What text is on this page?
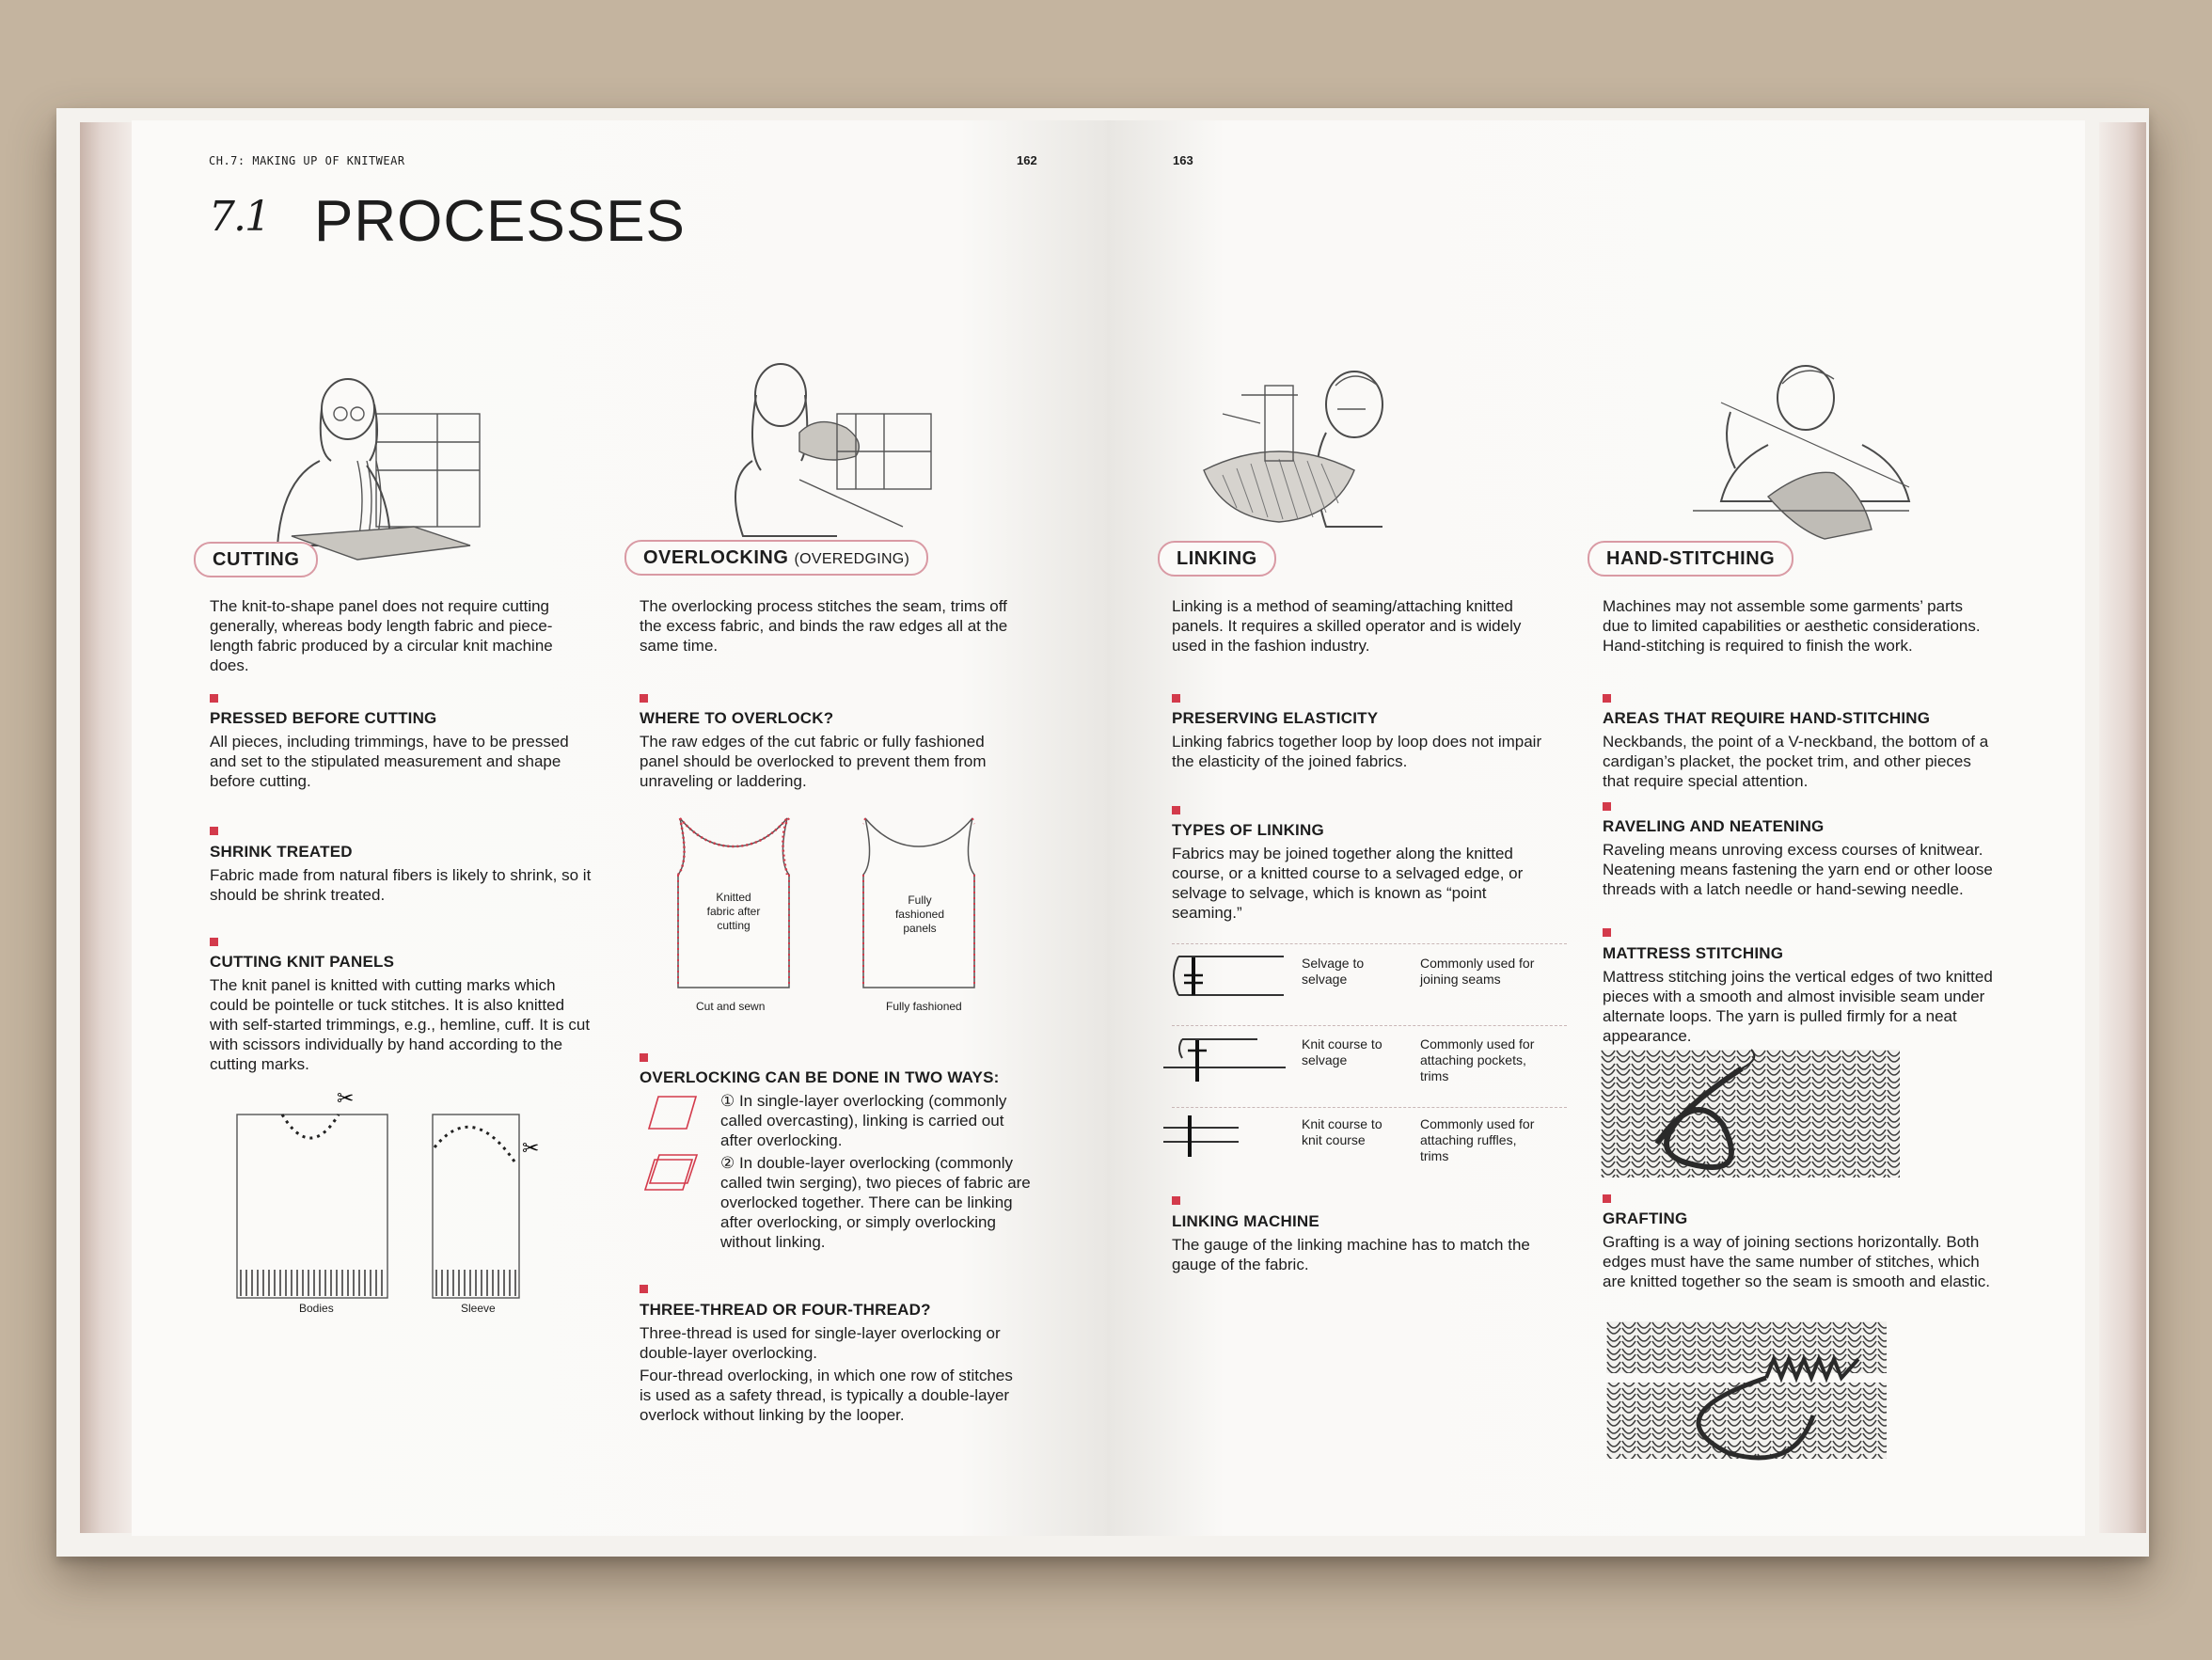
CH.7: MAKING UP OF KNITWEAR	162	163
7.1 PROCESSES
CUTTING

The knit-to-shape panel does not require cutting generally, whereas body length fabric and piece-length fabric produced by a circular knit machine does.

PRESSED BEFORE CUTTING

All pieces, including trimmings, have to be pressed and set to the stipulated measurement and shape before cutting.

SHRINK TREATED

Fabric made from natural fibers is likely to shrink, so it should be shrink treated.

CUTTING KNIT PANELS

The knit panel is knitted with cutting marks which could be pointelle or tuck stitches. It is also knitted with self-started trimmings, e.g., hemline, cuff. It is cut with scissors individually by hand according to the cutting marks.

✂
✂
Bodies	Sleeve
OVERLOCKING (OVEREDGING)

The overlocking process stitches the seam, trims off the excess fabric, and binds the raw edges all at the same time.

WHERE TO OVERLOCK?

The raw edges of the cut fabric or fully fashioned panel should be overlocked to prevent them from unraveling or laddering.

Knitted fabric after cutting
Cut and sewn
Fully fashioned panels
Fully fashioned
OVERLOCKING CAN BE DONE IN TWO WAYS:

① In single-layer overlocking (commonly called overcasting), linking is carried out after overlocking.

② In double-layer overlocking (commonly called twin serging), two pieces of fabric are overlocked together. There can be linking after overlocking, or simply overlocking without linking.

THREE-THREAD OR FOUR-THREAD?

Three-thread is used for single-layer overlocking or double-layer overlocking.

Four-thread overlocking, in which one row of stitches is used as a safety thread, is typically a double-layer overlock without linking by the looper.

LINKING

Linking is a method of seaming/attaching knitted panels. It requires a skilled operator and is widely used in the fashion industry.

PRESERVING ELASTICITY

Linking fabrics together loop by loop does not impair the elasticity of the joined fabrics.

TYPES OF LINKING

Fabrics may be joined together along the knitted course, or a knitted course to a selvaged edge, or selvage to selvage, which is known as “point seaming.”

Selvage to selvage
Commonly used for joining seams
Knit course to selvage
Commonly used for attaching pockets, trims
Knit course to knit course
Commonly used for attaching ruffles, trims
LINKING MACHINE

The gauge of the linking machine has to match the gauge of the fabric.

HAND-STITCHING

Machines may not assemble some garments’ parts due to limited capabilities or aesthetic considerations. Hand-stitching is required to finish the work.

AREAS THAT REQUIRE HAND-STITCHING

Neckbands, the point of a V-neckband, the bottom of a cardigan’s placket, the pocket trim, and other pieces that require special attention.

RAVELING AND NEATENING

Raveling means unroving excess courses of knitwear. Neatening means fastening the yarn end or other loose threads with a latch needle or hand-sewing needle.

MATTRESS STITCHING

Mattress stitching joins the vertical edges of two knitted pieces with a smooth and almost invisible seam under alternate loops. The yarn is pulled firmly for a neat appearance.

GRAFTING

Grafting is a way of joining sections horizontally. Both edges must have the same number of stitches, which are knitted together so the seam is smooth and elastic.
